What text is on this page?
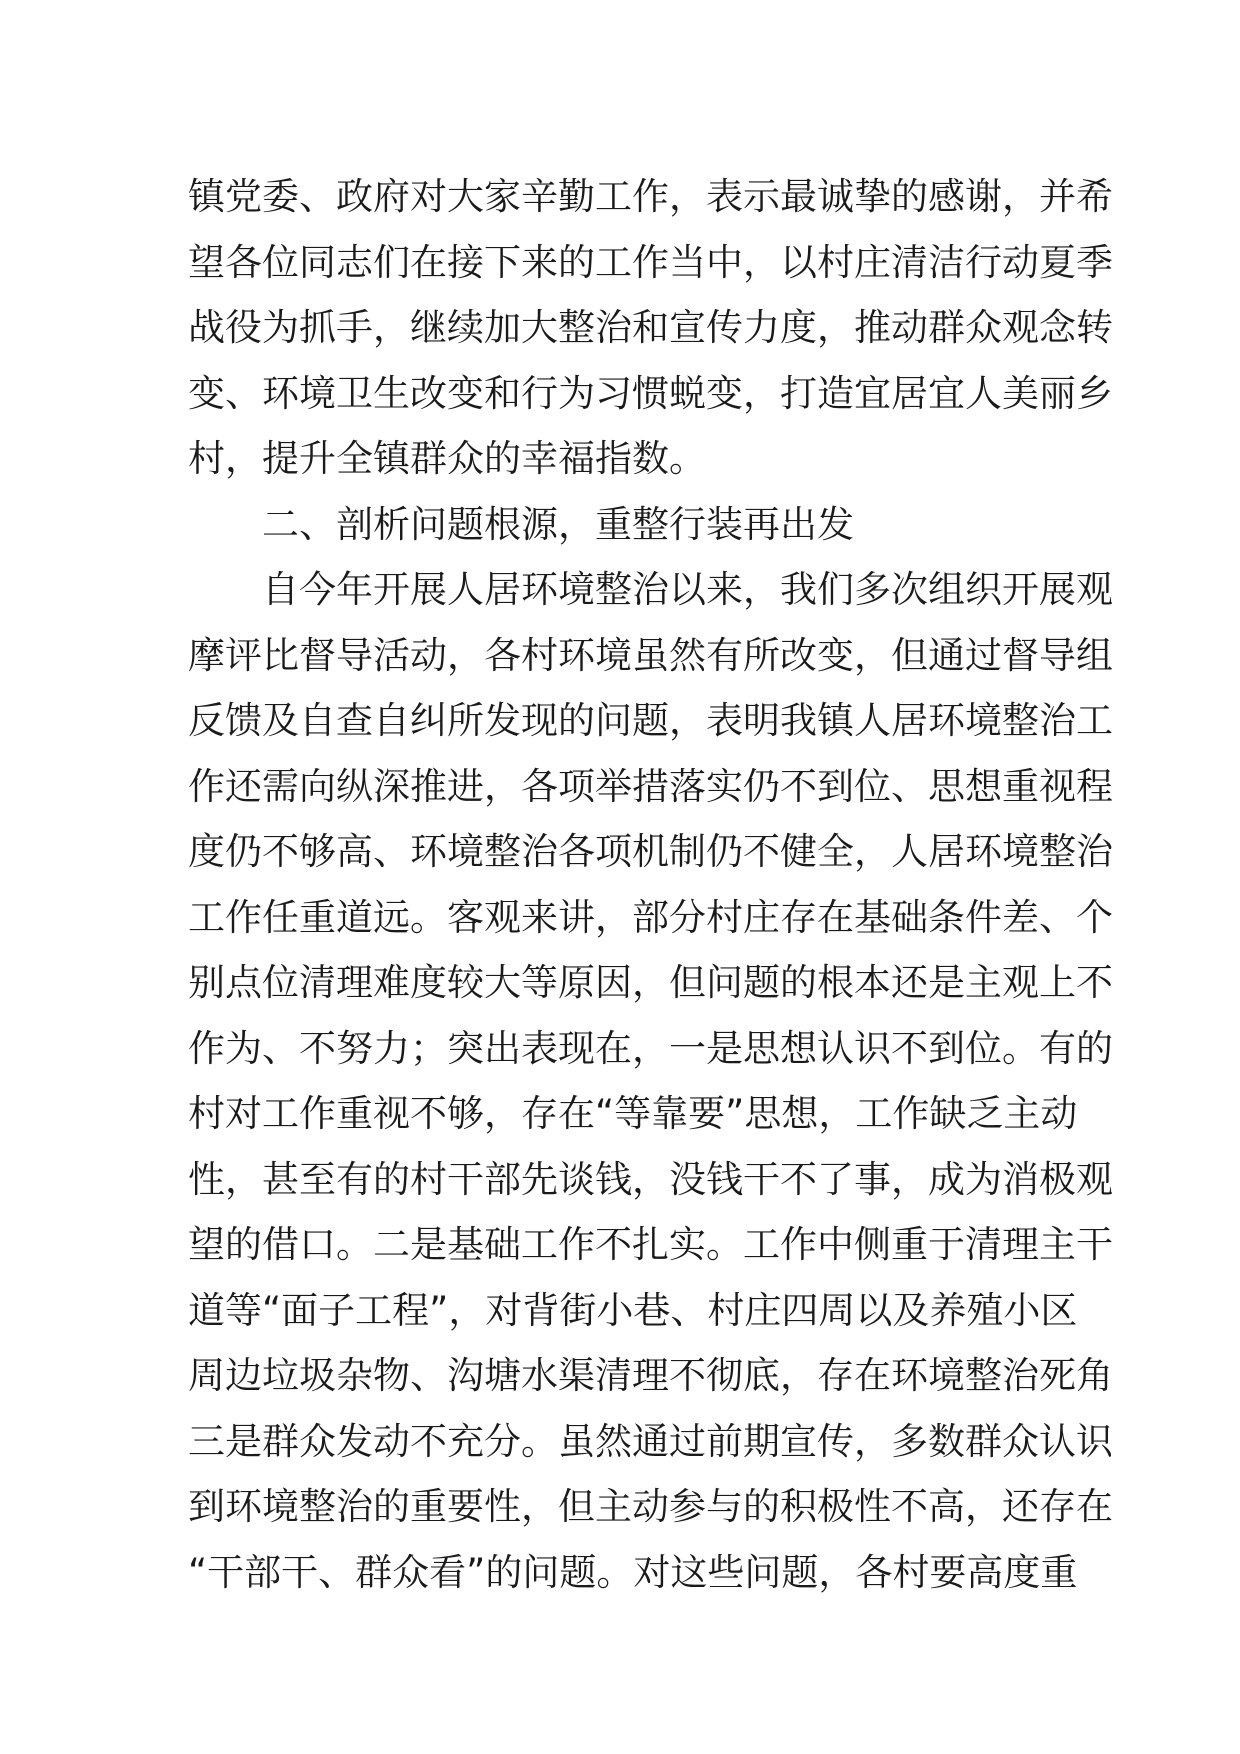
镇党委、政府对大家辛勤工作，表示最诚挚的感谢，并希
望各位同志们在接下来的工作当中，以村庄清洁行动夏季
战役为抓手，继续加大整治和宣传力度，推动群众观念转
变、环境卫生改变和行为习惯蜕变，打造宜居宜人美丽乡
村，提升全镇群众的幸福指数。
二、剖析问题根源，重整行装再出发
自今年开展人居环境整治以来，我们多次组织开展观
摩评比督导活动，各村环境虽然有所改变，但通过督导组
反馈及自查自纠所发现的问题，表明我镇人居环境整治工
作还需向纵深推进，各项举措落实仍不到位、思想重视程
度仍不够高、环境整治各项机制仍不健全，人居环境整治
工作任重道远。客观来讲，部分村庄存在基础条件差、个
别点位清理难度较大等原因，但问题的根本还是主观上不
作为、不努力；突出表现在，一是思想认识不到位。有的
村对工作重视不够，存在“等靠要”思想，工作缺乏主动
性，甚至有的村干部先谈钱，没钱干不了事，成为消极观
望的借口。二是基础工作不扎实。工作中侧重于清理主干
道等“面子工程”，对背街小巷、村庄四周以及养殖小区
周边垃圾杂物、沟塘水渠清理不彻底，存在环境整治死角
三是群众发动不充分。虽然通过前期宣传，多数群众认识
到环境整治的重要性，但主动参与的积极性不高，还存在
“干部干、群众看”的问题。对这些问题，各村要高度重
